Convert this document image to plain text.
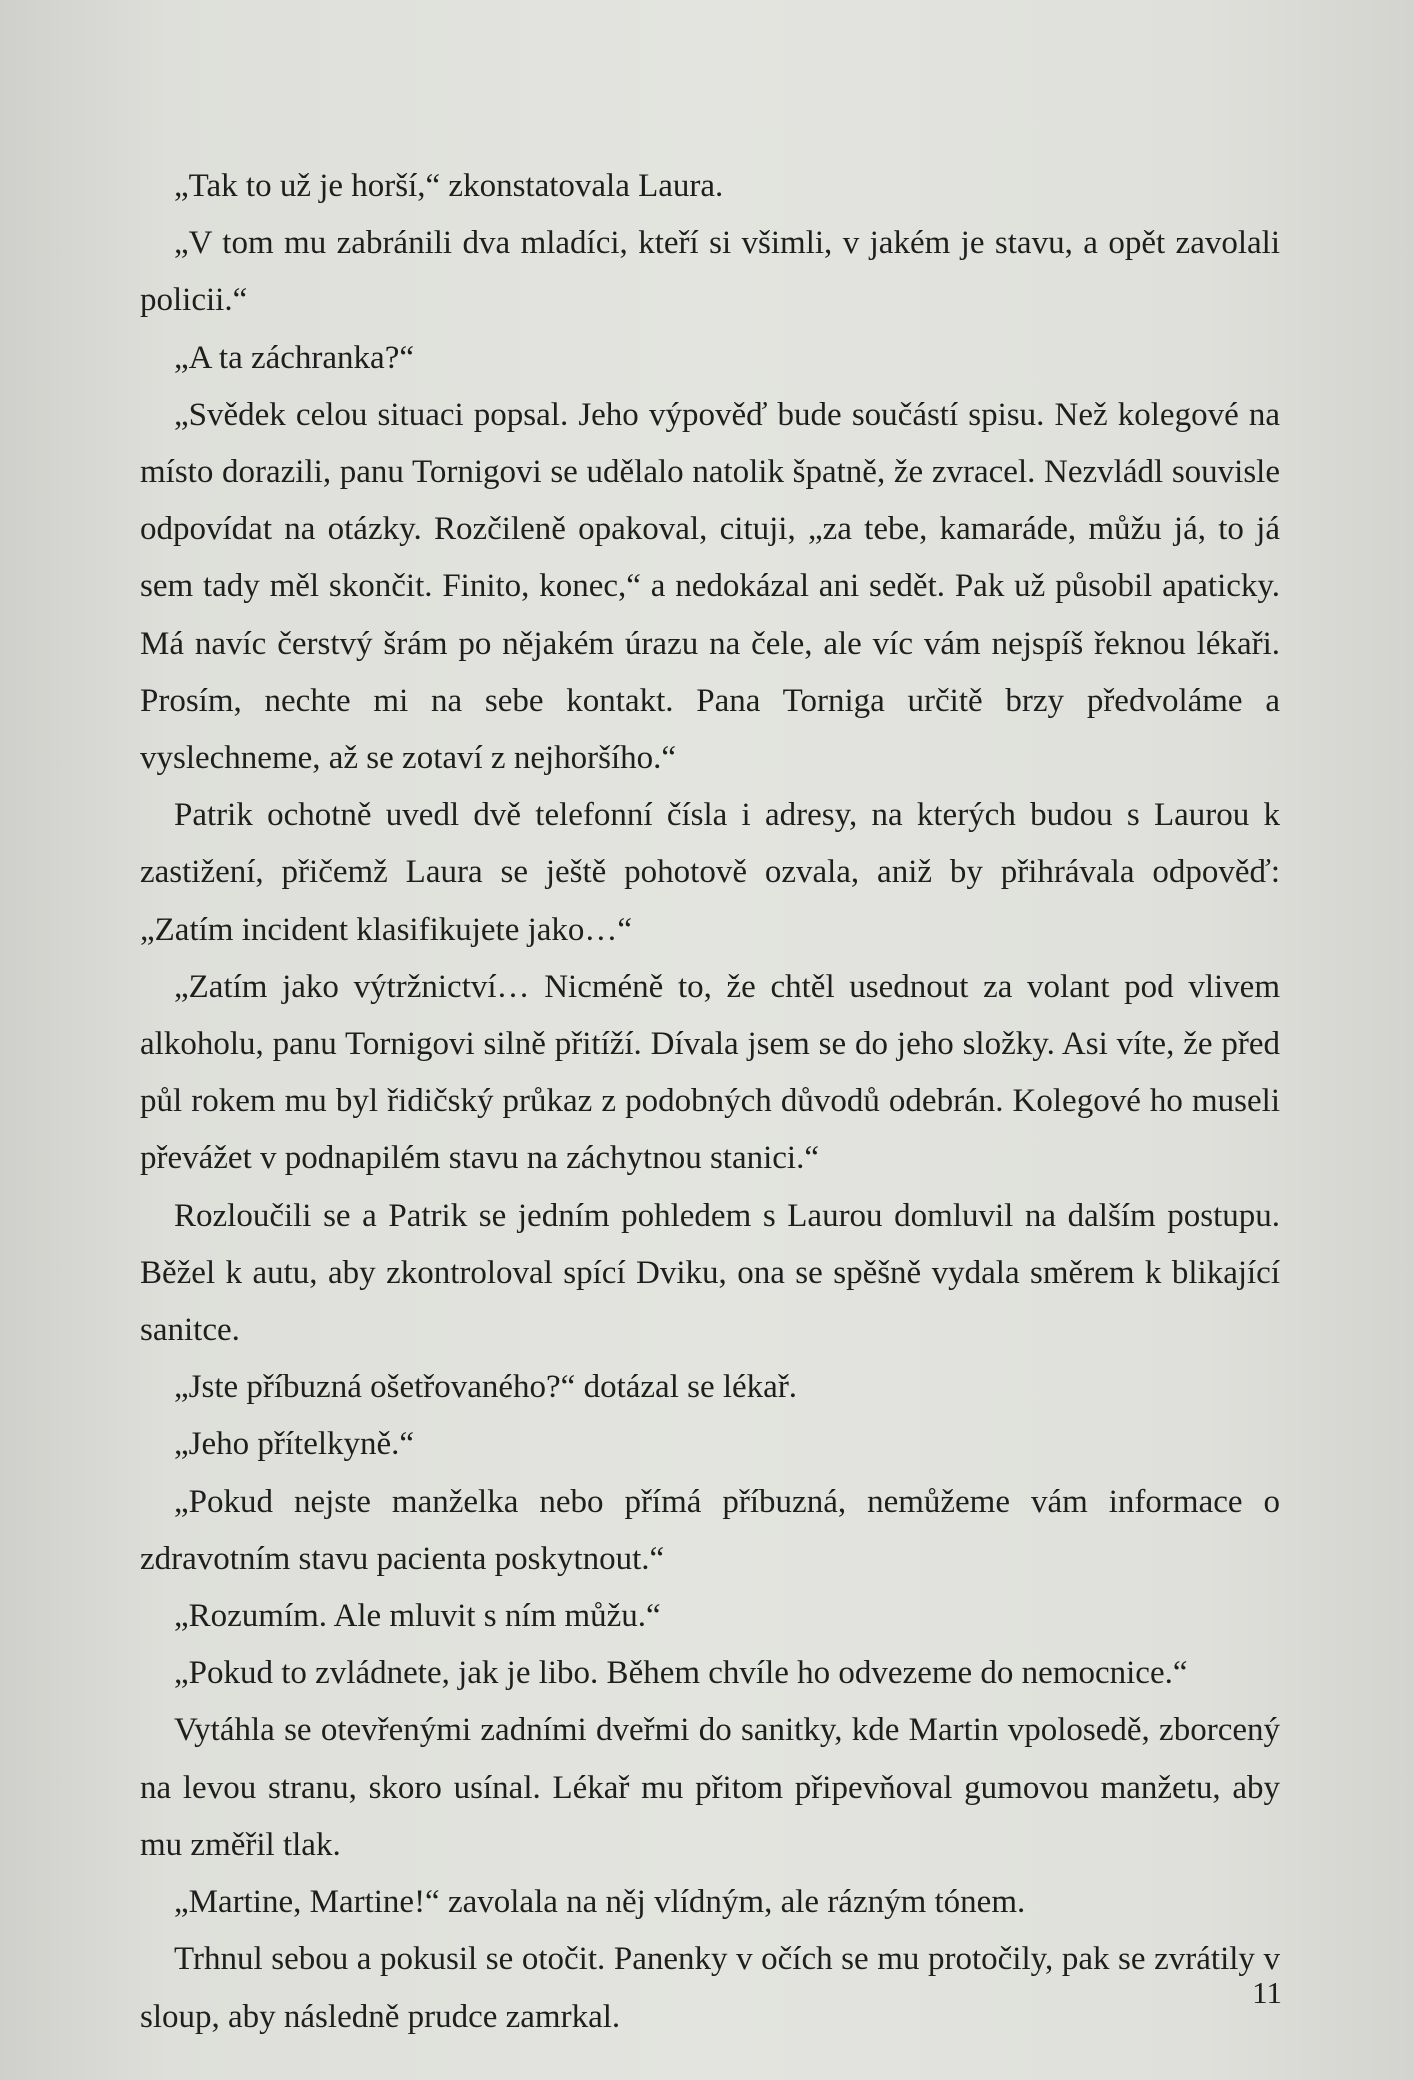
„Tak to už je horší,“ zkonstatovala Laura.

„V tom mu zabránili dva mladíci, kteří si všimli, v jakém je stavu, a opět zavolali policii.“

„A ta záchranka?“

„Svědek celou situaci popsal. Jeho výpověď bude součástí spisu. Než kolegové na místo dorazili, panu Tornigovi se udělalo natolik špatně, že zvracel. Nezvládl souvisle odpovídat na otázky. Rozčileně opakoval, cituji, „za tebe, kamaráde, můžu já, to já sem tady měl skončit. Finito, konec,“ a nedokázal ani sedět. Pak už působil apaticky. Má navíc čerstvý šrám po nějakém úrazu na čele, ale víc vám nejspíš řeknou lékaři. Prosím, nechte mi na sebe kontakt. Pana Torniga určitě brzy předvoláme a vyslechneme, až se zotaví z nejhoršího.“

Patrik ochotně uvedl dvě telefonní čísla i adresy, na kterých budou s Laurou k zastižení, přičemž Laura se ještě pohotově ozvala, aniž by přihrávala odpověď: „Zatím incident klasifikujete jako…“

„Zatím jako výtržnictví… Nicméně to, že chtěl usednout za volant pod vlivem alkoholu, panu Tornigovi silně přitíží. Dívala jsem se do jeho složky. Asi víte, že před půl rokem mu byl řidičský průkaz z podobných důvodů odebrán. Kolegové ho museli převážet v podnapilém stavu na záchytnou stanici.“

Rozloučili se a Patrik se jedním pohledem s Laurou domluvil na dalším postupu. Běžel k autu, aby zkontroloval spící Dviku, ona se spěšně vydala směrem k blikající sanitce.

„Jste příbuzná ošetřovaného?“ dotázal se lékař.

„Jeho přítelkyně.“

„Pokud nejste manželka nebo přímá příbuzná, nemůžeme vám informace o zdravotním stavu pacienta poskytnout.“

„Rozumím. Ale mluvit s ním můžu.“

„Pokud to zvládnete, jak je libo. Během chvíle ho odvezeme do nemocnice.“

Vytáhla se otevřenými zadními dveřmi do sanitky, kde Martin vpolosedě, zborcený na levou stranu, skoro usínal. Lékař mu přitom připevňoval gumovou manžetu, aby mu změřil tlak.

„Martine, Martine!“ zavolala na něj vlídným, ale rázným tónem.

Trhnul sebou a pokusil se otočit. Panenky v očích se mu protočily, pak se zvrátily v sloup, aby následně prudce zamrkal.

11
